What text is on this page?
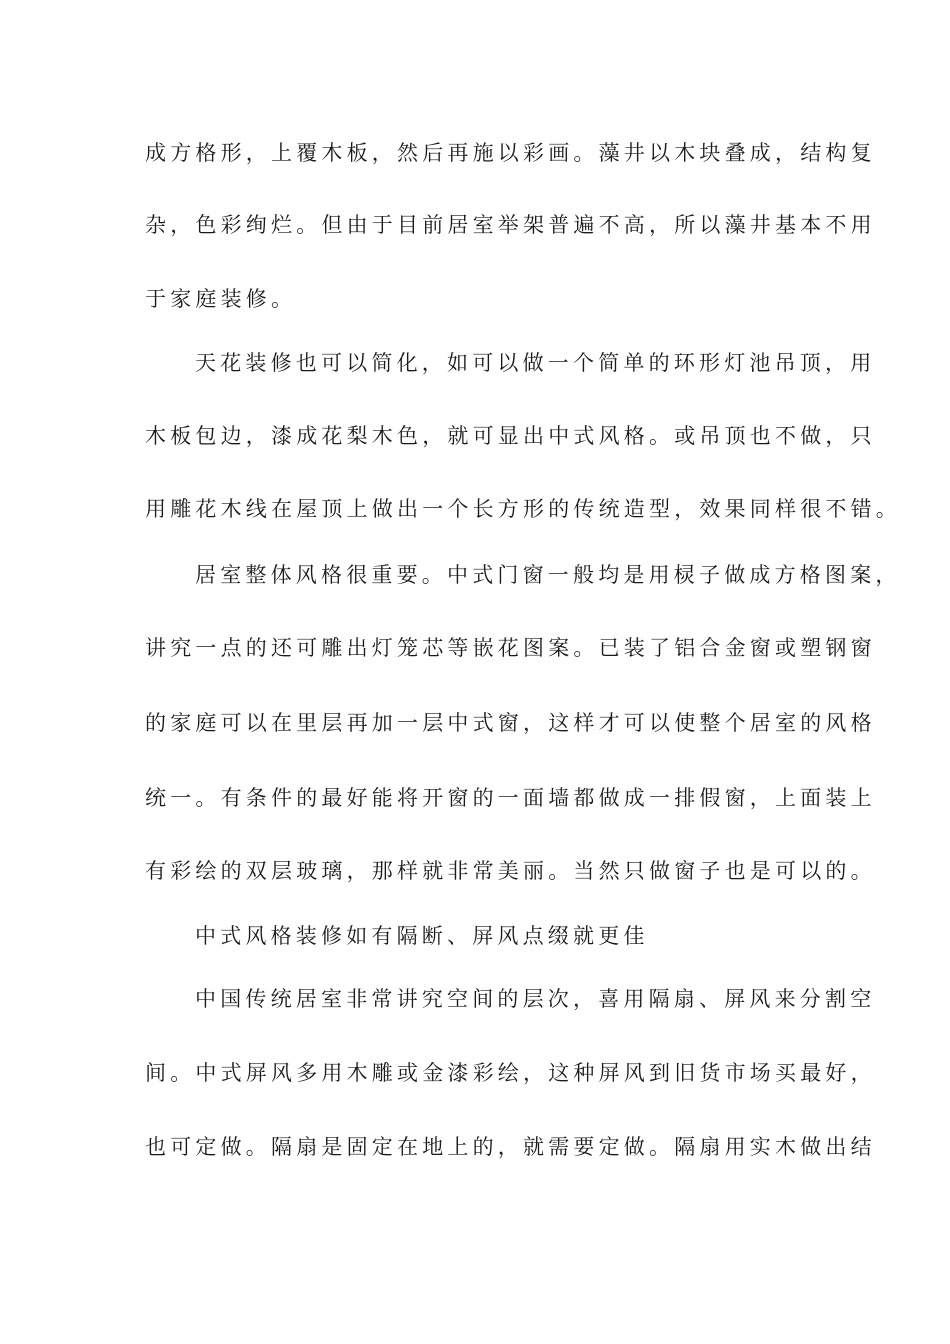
成方格形，上覆木板，然后再施以彩画。藻井以木块叠成，结构复
杂，色彩绚烂。但由于目前居室举架普遍不高，所以藻井基本不用
于家庭装修。
天花装修也可以简化，如可以做一个简单的环形灯池吊顶，用
木板包边，漆成花梨木色，就可显出中式风格。或吊顶也不做，只
用雕花木线在屋顶上做出一个长方形的传统造型，效果同样很不错。
居室整体风格很重要。中式门窗一般均是用棂子做成方格图案，
讲究一点的还可雕出灯笼芯等嵌花图案。已装了铝合金窗或塑钢窗
的家庭可以在里层再加一层中式窗，这样才可以使整个居室的风格
统一。有条件的最好能将开窗的一面墙都做成一排假窗，上面装上
有彩绘的双层玻璃，那样就非常美丽。当然只做窗子也是可以的。
中式风格装修如有隔断、屏风点缀就更佳
中国传统居室非常讲究空间的层次，喜用隔扇、屏风来分割空
间。中式屏风多用木雕或金漆彩绘，这种屏风到旧货市场买最好，
也可定做。隔扇是固定在地上的，就需要定做。隔扇用实木做出结
